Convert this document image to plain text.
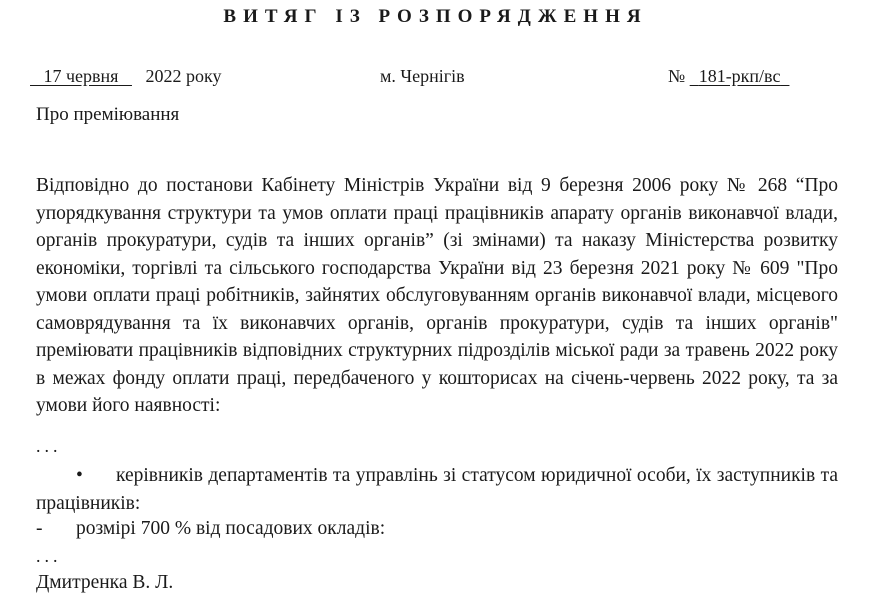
ВИТЯГ ІЗ РОЗПОРЯДЖЕННЯ
17 червня 2022 року	м. Чернігів	№ 181-ркп/вс
Про преміювання
Відповідно до постанови Кабінету Міністрів України від 9 березня 2006 року № 268 “Про упорядкування структури та умов оплати праці працівників апарату органів виконавчої влади, органів прокуратури, судів та інших органів” (зі змінами) та наказу Міністерства розвитку економіки, торгівлі та сільського господарства України від 23 березня 2021 року № 609 "Про умови оплати праці робітників, зайнятих обслуговуванням органів виконавчої влади, місцевого самоврядування та їх виконавчих органів, органів прокуратури, судів та інших органів" преміювати працівників відповідних структурних підрозділів міської ради за травень 2022 року в межах фонду оплати праці, передбаченого у кошторисах на січень-червень 2022 року, та за умови його наявності:
...
• керівників департаментів та управлінь зі статусом юридичної особи, їх заступників та працівників:
- розмірі 700 % від посадових окладів:
...
Дмитренка В. Л.
